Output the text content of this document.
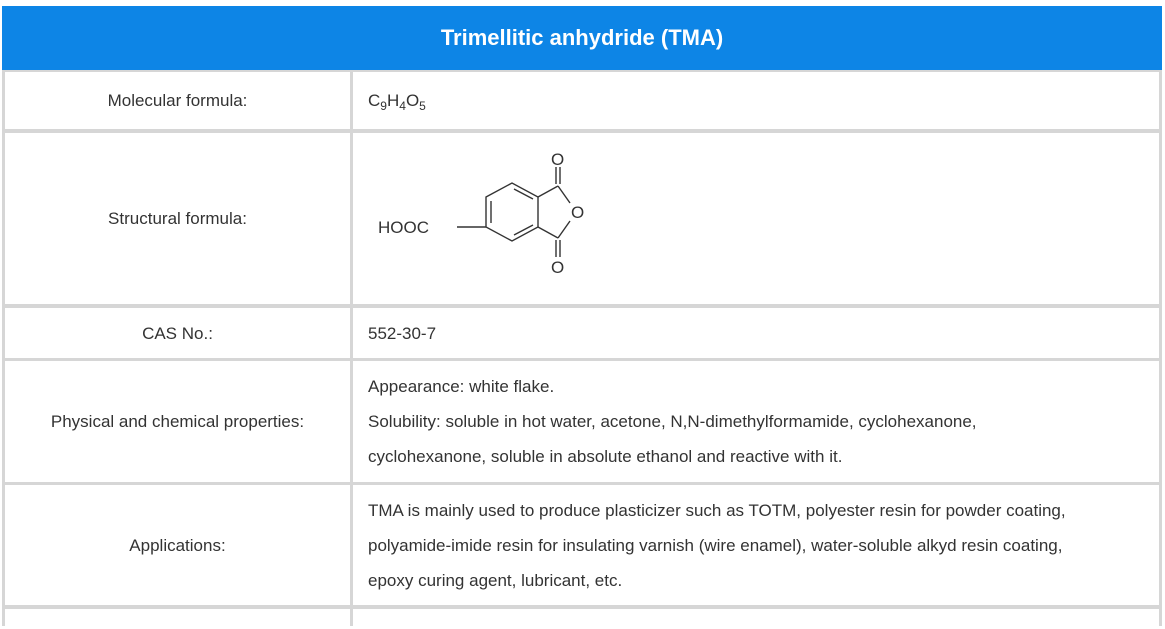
Trimellitic anhydride (TMA)
Molecular formula:	$C_9H_4O_5$
Structural formula:
O
O
O
HOOC
CAS No.:	552-30-7
Physical and chemical properties:
Appearance: white flake.
Solubility: soluble in hot water, acetone, N,N-dimethylformamide, cyclohexanone,
cyclohexanone, soluble in absolute ethanol and reactive with it.
Applications:
TMA is mainly used to produce plasticizer such as TOTM, polyester resin for powder coating,
polyamide-imide resin for insulating varnish (wire enamel), water-soluble alkyd resin coating,
epoxy curing agent, lubricant, etc.
